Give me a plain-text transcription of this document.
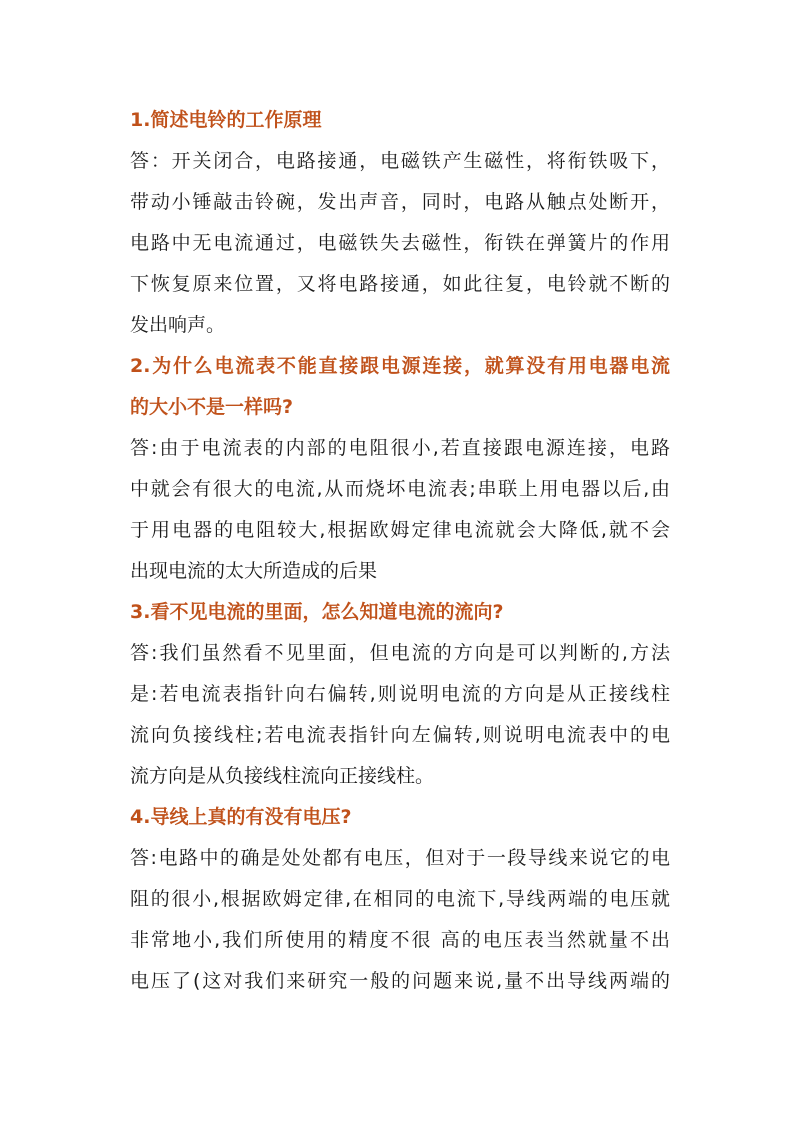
1.简述电铃的工作原理
答：开关闭合，电路接通，电磁铁产生磁性，将衔铁吸下，
带动小锤敲击铃碗，发出声音，同时，电路从触点处断开，
电路中无电流通过，电磁铁失去磁性，衔铁在弹簧片的作用
下恢复原来位置，又将电路接通，如此往复，电铃就不断的
发出响声。
2.为什么电流表不能直接跟电源连接，就算没有用电器电流
的大小不是一样吗?
答:由于电流表的内部的电阻很小,若直接跟电源连接，电路
中就会有很大的电流,从而烧坏电流表;串联上用电器以后,由
于用电器的电阻较大,根据欧姆定律电流就会大降低,就不会
出现电流的太大所造成的后果
3.看不见电流的里面，怎么知道电流的流向?
答:我们虽然看不见里面，但电流的方向是可以判断的,方法
是:若电流表指针向右偏转,则说明电流的方向是从正接线柱
流向负接线柱;若电流表指针向左偏转,则说明电流表中的电
流方向是从负接线柱流向正接线柱。
4.导线上真的有没有电压?
答:电路中的确是处处都有电压，但对于一段导线来说它的电
阻的很小,根据欧姆定律,在相同的电流下,导线两端的电压就
非常地小,我们所使用的精度不很 高的电压表当然就量不出
电压了(这对我们来研究一般的问题来说,量不出导线两端的
